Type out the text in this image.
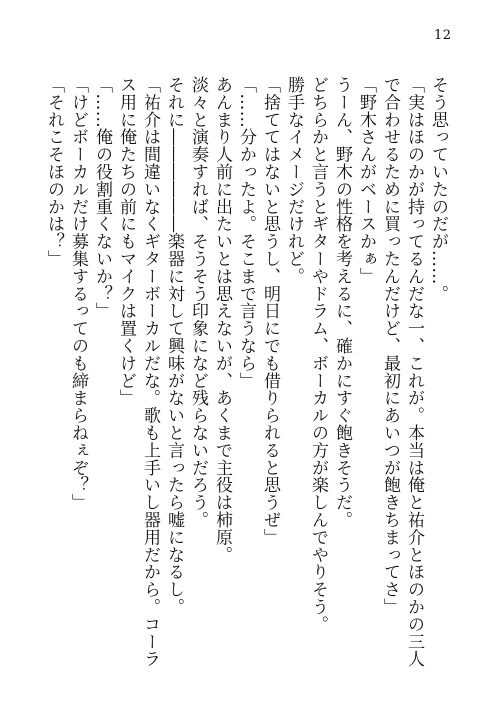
12
そう思っていたのだが……。
「実はほのかが持ってるんだな一、これが。本当は俺と祐介とほのかの三人で合わせるために買ったんだけど、最初にあいつが飽きちまってさ」
「野木さんがベースかぁ」
うーん、野木の性格を考えるに、確かにすぐ飽きそうだ。
どちらかと言うとギターやドラム、ボーカルの方が楽しんでやりそう。
勝手なイメージだけれど。
「捨ててはないと思うし、明日にでも借りられると思うぜ」
「……分かったよ。そこまで言うなら」
あんまり人前に出たいとは思えないが、あくまで主役は柿原。
淡々と演奏すれば、そうそう印象になど残らないだろう。
それに――――――楽器に対して興味がないと言ったら嘘になるし。
「祐介は間違いなくギターボーカルだな。歌も上手いし器用だから。コーラス用に俺たちの前にもマイクは置くけど」
「……俺の役割重くないか？」
「けどボーカルだけ募集するってのも締まらねぇぞ？」
「それこそほのかは？」
